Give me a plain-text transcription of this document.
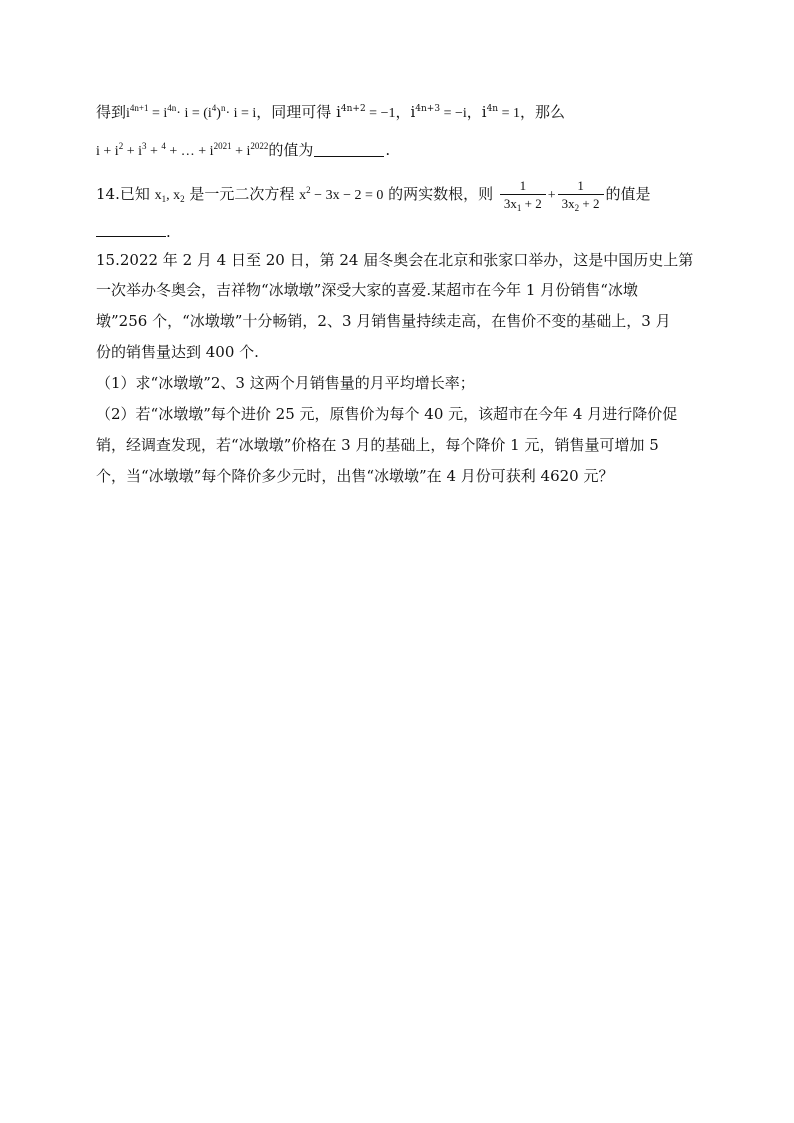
得到$i^{4n+1} = i^{4n}\cdot i = (i^4)^n\cdot i = i$，同理可得 $i^{4n+2} = -1$，$i^{4n+3} = -i$，$i^{4n} = 1$，那么
$i + i^2 + i^3 + ^4$ + … + $i^{2021} + i^{2022}$的值为	.
14.已知 $x_1$, $x_2$ 是一元二次方程 $x^2 - 3x - 2 = 0$ 的两实数根，则 $\frac{1}{3x_1 + 2} + \frac{1}{3x_2 + 2}$ 的值是
.
15.2022 年 2 月 4 日至 20 日，第 24 届冬奥会在北京和张家口举办，这是中国历史上第
一次举办冬奥会，吉祥物“冰墩墩”深受大家的喜爱.某超市在今年 1 月份销售“冰墩
墩”256 个，“冰墩墩”十分畅销，2、3 月销售量持续走高，在售价不变的基础上，3 月
份的销售量达到 400 个.
（1）求“冰墩墩”2、3 这两个月销售量的月平均增长率；
（2）若“冰墩墩”每个进价 25 元，原售价为每个 40 元，该超市在今年 4 月进行降价促
销，经调查发现，若“冰墩墩”价格在 3 月的基础上，每个降价 1 元，销售量可增加 5
个，当“冰墩墩”每个降价多少元时，出售“冰墩墩”在 4 月份可获利 4620 元？
